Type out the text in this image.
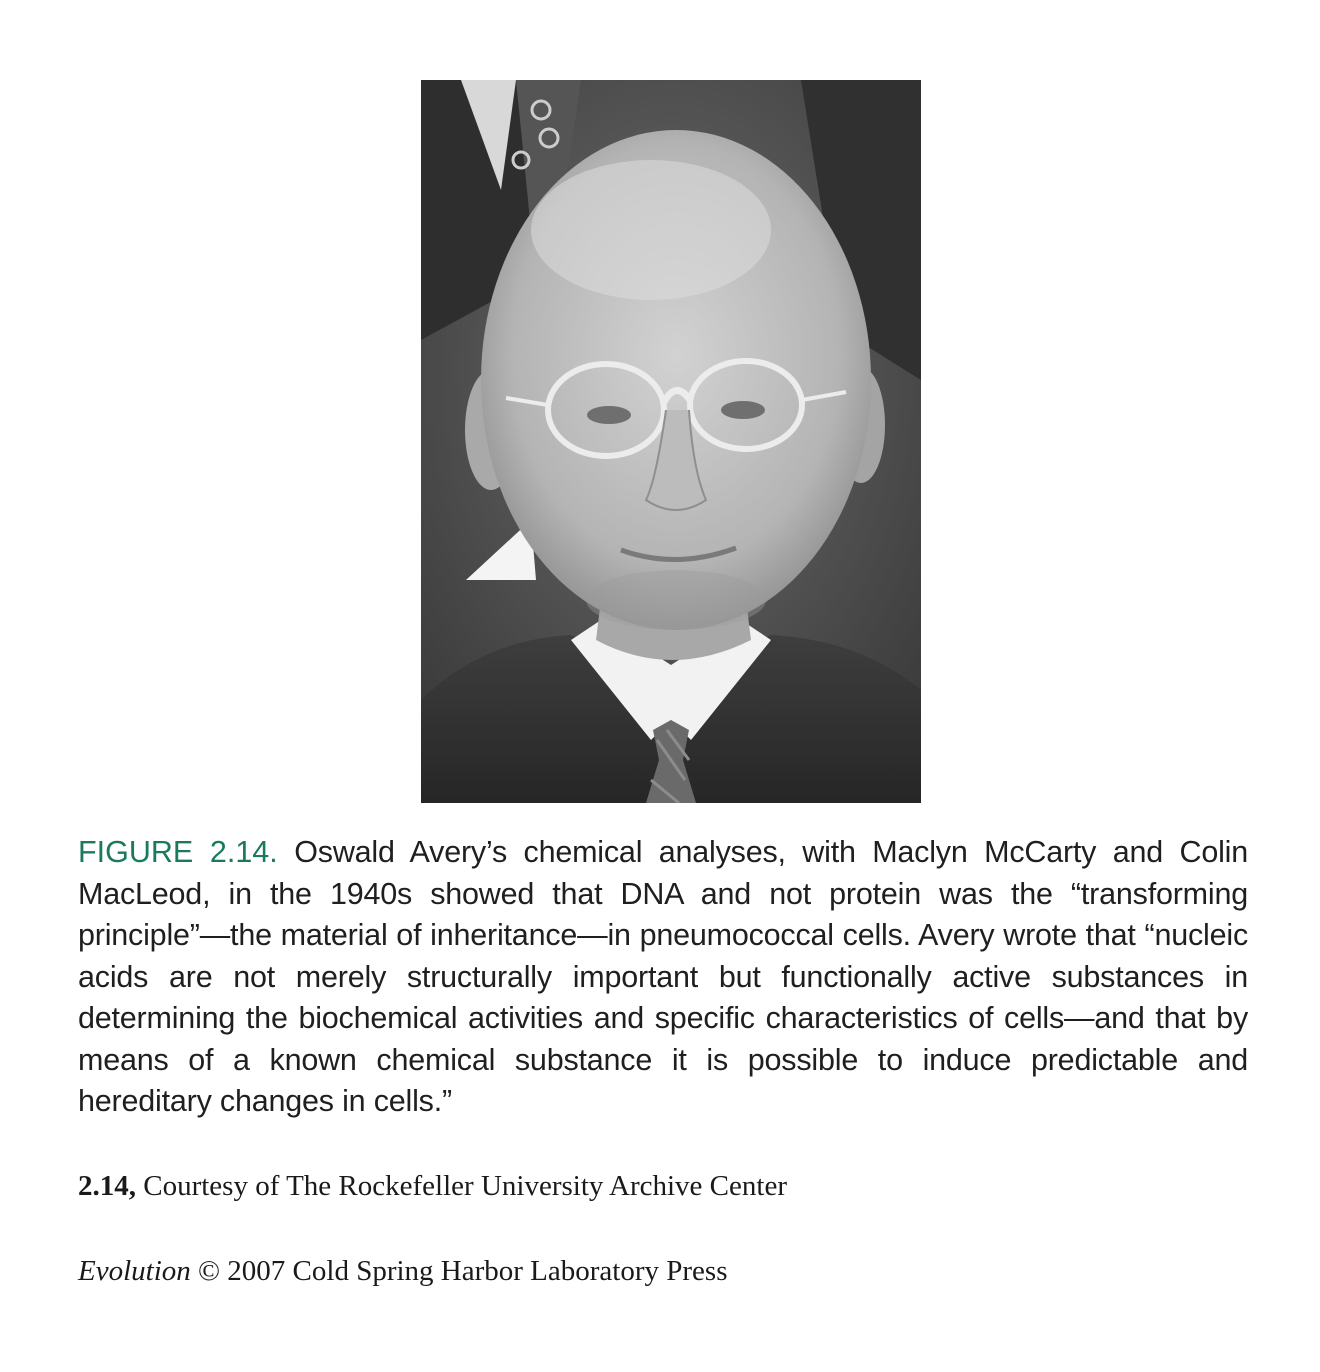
FIGURE 2.14. Oswald Avery’s chemical analyses, with Maclyn McCarty and Colin MacLeod, in the 1940s showed that DNA and not protein was the “transforming principle”—the material of inheritance—in pneumococcal cells. Avery wrote that “nucleic acids are not merely structurally important but functionally active substances in determining the biochemical activities and specific characteristics of cells—and that by means of a known chemical substance it is possible to induce predictable and hereditary changes in cells.”
2.14, Courtesy of The Rockefeller University Archive Center
Evolution © 2007 Cold Spring Harbor Laboratory Press
